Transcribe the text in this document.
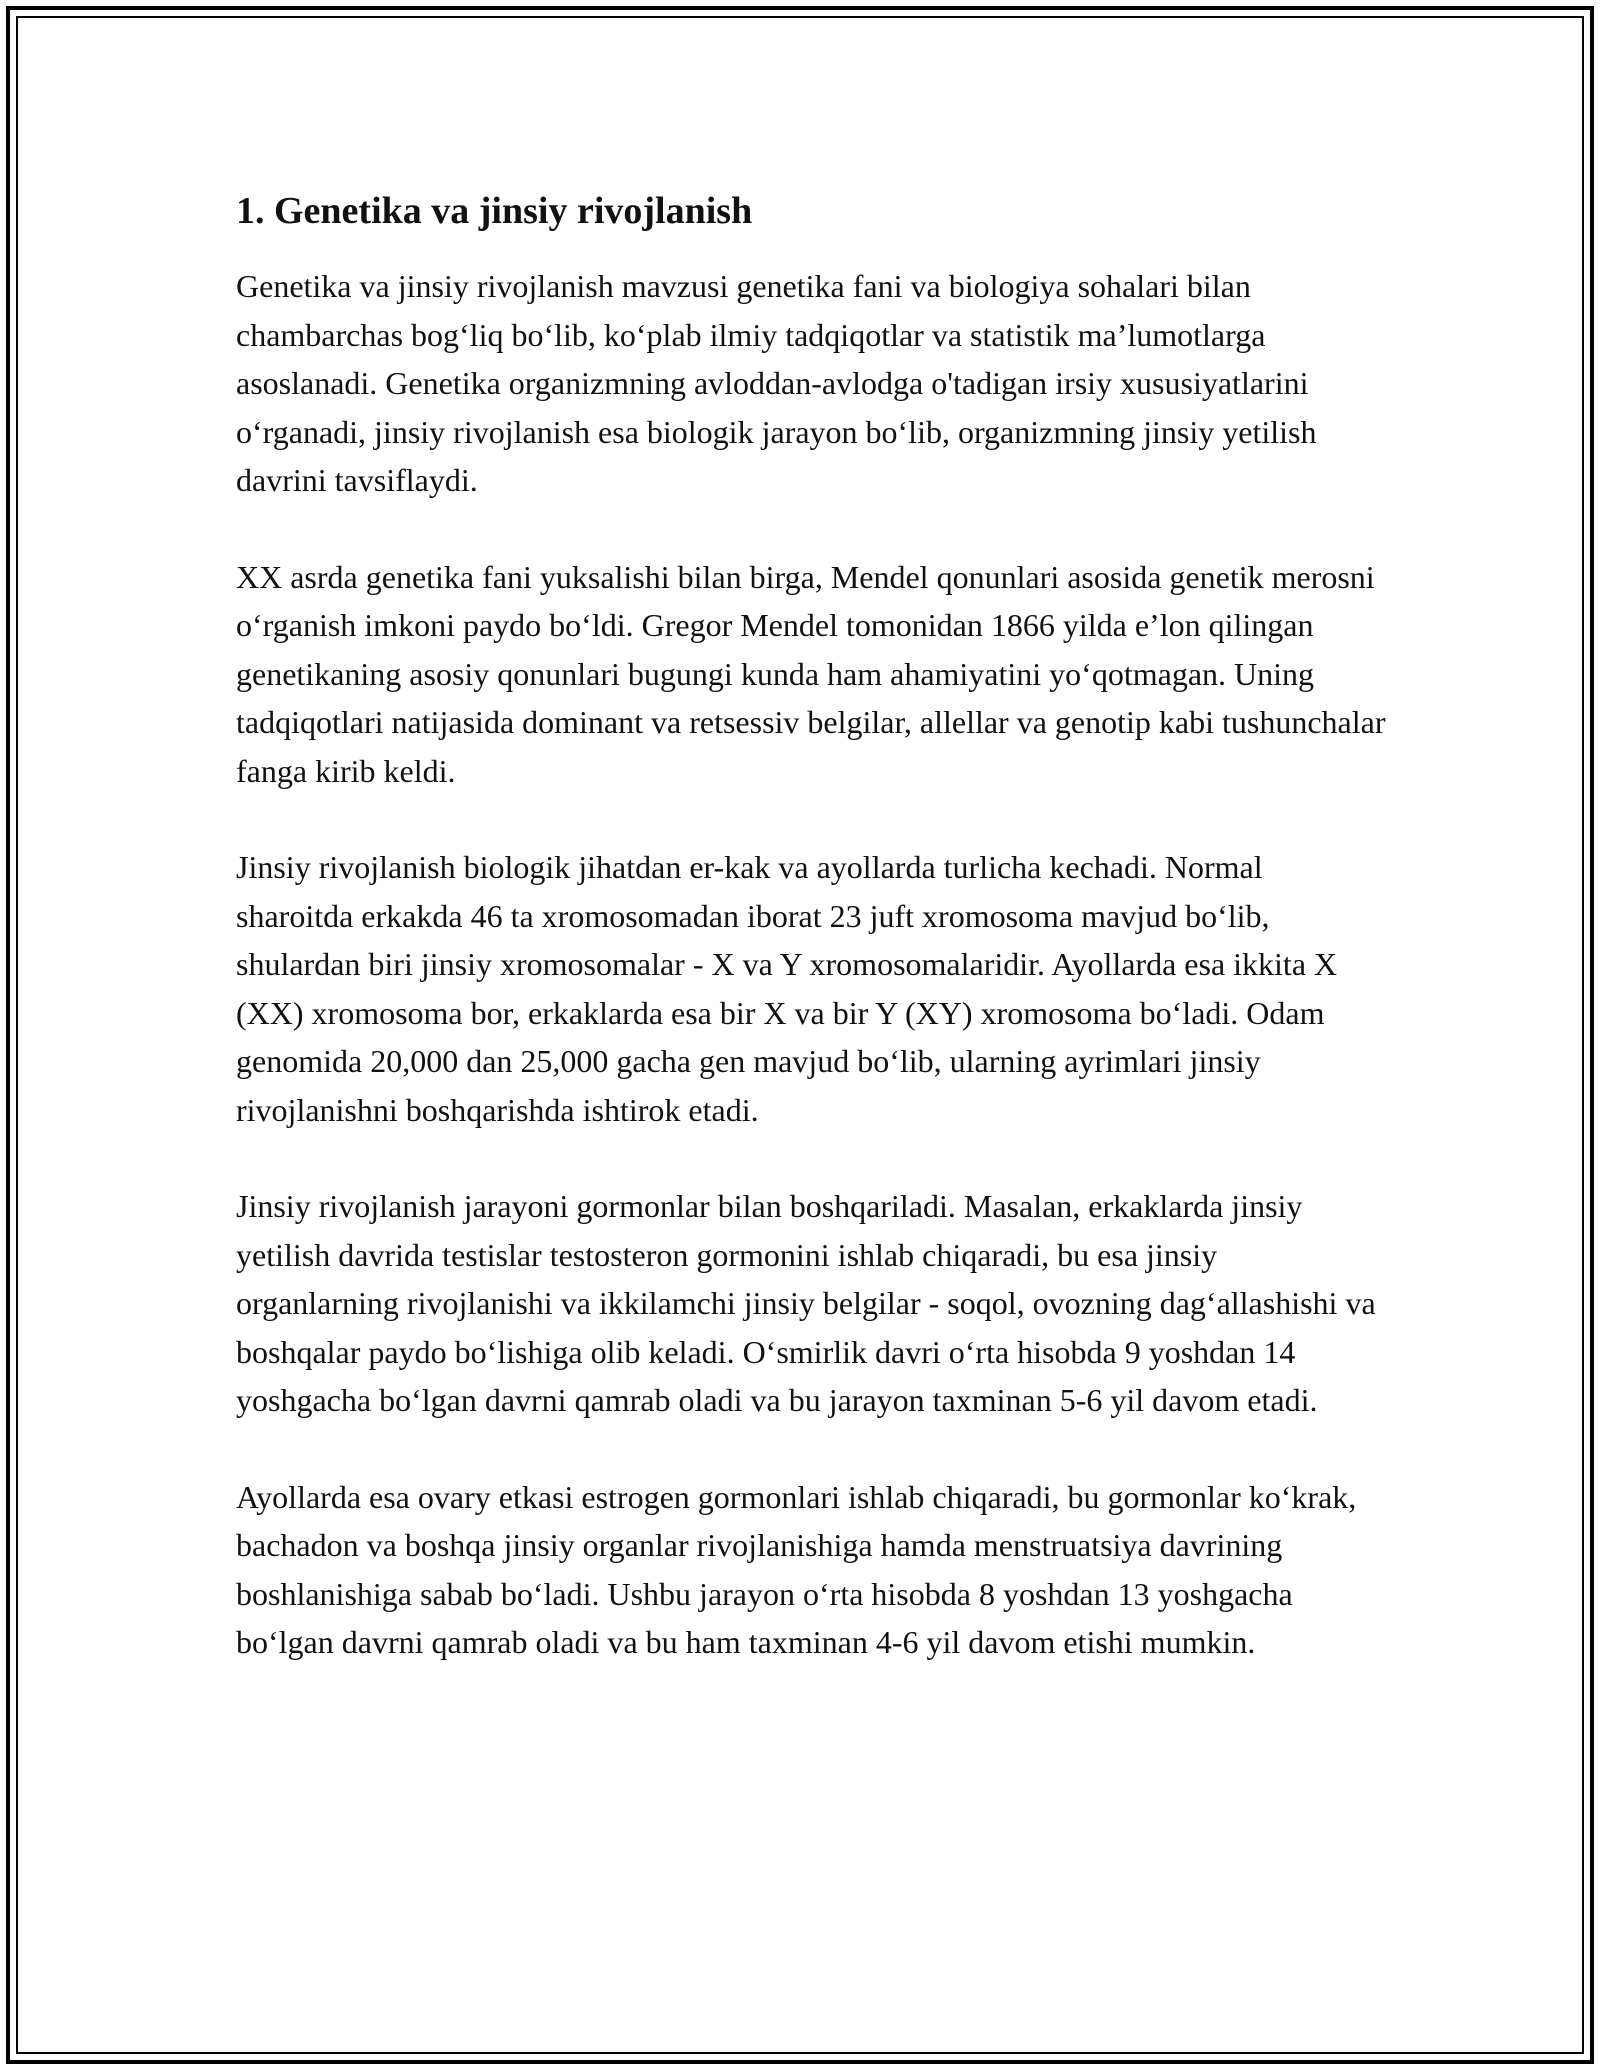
1. Genetika va jinsiy rivojlanish

Genetika va jinsiy rivojlanish mavzusi genetika fani va biologiya sohalari bilan chambarchas bog‘liq bo‘lib, ko‘plab ilmiy tadqiqotlar va statistik ma’lumotlarga asoslanadi. Genetika organizmning avloddan-avlodga o'tadigan irsiy xususiyatlarini o‘rganadi, jinsiy rivojlanish esa biologik jarayon bo‘lib, organizmning jinsiy yetilish davrini tavsiflaydi.

XX asrda genetika fani yuksalishi bilan birga, Mendel qonunlari asosida genetik merosni o‘rganish imkoni paydo bo‘ldi. Gregor Mendel tomonidan 1866 yilda e’lon qilingan genetikaning asosiy qonunlari bugungi kunda ham ahamiyatini yo‘qotmagan. Uning tadqiqotlari natijasida dominant va retsessiv belgilar, allellar va genotip kabi tushunchalar fanga kirib keldi.

Jinsiy rivojlanish biologik jihatdan er-kak va ayollarda turlicha kechadi. Normal sharoitda erkakda 46 ta xromosomadan iborat 23 juft xromosoma mavjud bo‘lib, shulardan biri jinsiy xromosomalar - X va Y xromosomalaridir. Ayollarda esa ikkita X (XX) xromosoma bor, erkaklarda esa bir X va bir Y (XY) xromosoma bo‘ladi. Odam genomida 20,000 dan 25,000 gacha gen mavjud bo‘lib, ularning ayrimlari jinsiy rivojlanishni boshqarishda ishtirok etadi.

Jinsiy rivojlanish jarayoni gormonlar bilan boshqariladi. Masalan, erkaklarda jinsiy yetilish davrida testislar testosteron gormonini ishlab chiqaradi, bu esa jinsiy organlarning rivojlanishi va ikkilamchi jinsiy belgilar - soqol, ovozning dag‘allashishi va boshqalar paydo bo‘lishiga olib keladi. O‘smirlik davri o‘rta hisobda 9 yoshdan 14 yoshgacha bo‘lgan davrni qamrab oladi va bu jarayon taxminan 5-6 yil davom etadi.

Ayollarda esa ovary etkasi estrogen gormonlari ishlab chiqaradi, bu gormonlar ko‘krak, bachadon va boshqa jinsiy organlar rivojlanishiga hamda menstruatsiya davrining boshlanishiga sabab bo‘ladi. Ushbu jarayon o‘rta hisobda 8 yoshdan 13 yoshgacha bo‘lgan davrni qamrab oladi va bu ham taxminan 4-6 yil davom etishi mumkin.
